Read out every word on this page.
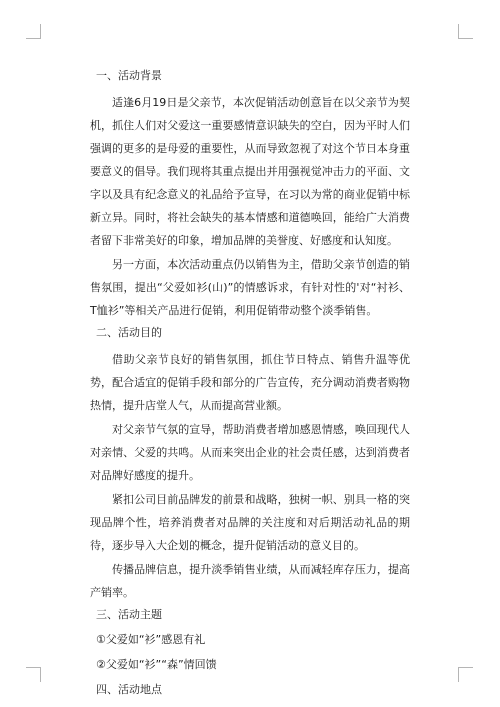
一、活动背景

适逢6月19日是父亲节，本次促销活动创意旨在以父亲节为契机，抓住人们对父爱这一重要感情意识缺失的空白，因为平时人们强调的更多的是母爱的重要性，从而导致忽视了对这个节日本身重要意义的倡导。我们现将其重点提出并用强视觉冲击力的平面、文字以及具有纪念意义的礼品给予宣导，在习以为常的商业促销中标新立异。同时，将社会缺失的基本情感和道德唤回，能给广大消费者留下非常美好的印象，增加品牌的美誉度、好感度和认知度。

另一方面，本次活动重点仍以销售为主，借助父亲节创造的销售氛围，提出“父爱如衫(山)”的情感诉求，有针对性的'对“衬衫、T恤衫”等相关产品进行促销，利用促销带动整个淡季销售。

二、活动目的

借助父亲节良好的销售氛围，抓住节日特点、销售升温等优势，配合适宜的促销手段和部分的广告宣传，充分调动消费者购物热情，提升店堂人气，从而提高营业额。

对父亲节气氛的宣导，帮助消费者增加感恩情感，唤回现代人对亲情、父爱的共鸣。从而来突出企业的社会责任感，达到消费者对品牌好感度的提升。

紧扣公司目前品牌发的前景和战略，独树一帜、别具一格的突现品牌个性，培养消费者对品牌的关注度和对后期活动礼品的期待，逐步导入大企划的概念，提升促销活动的意义目的。

传播品牌信息，提升淡季销售业绩，从而减轻库存压力，提高产销率。

三、活动主题
①父爱如“衫”感恩有礼
②父爱如“衫”“森”情回馈
四、活动地点
